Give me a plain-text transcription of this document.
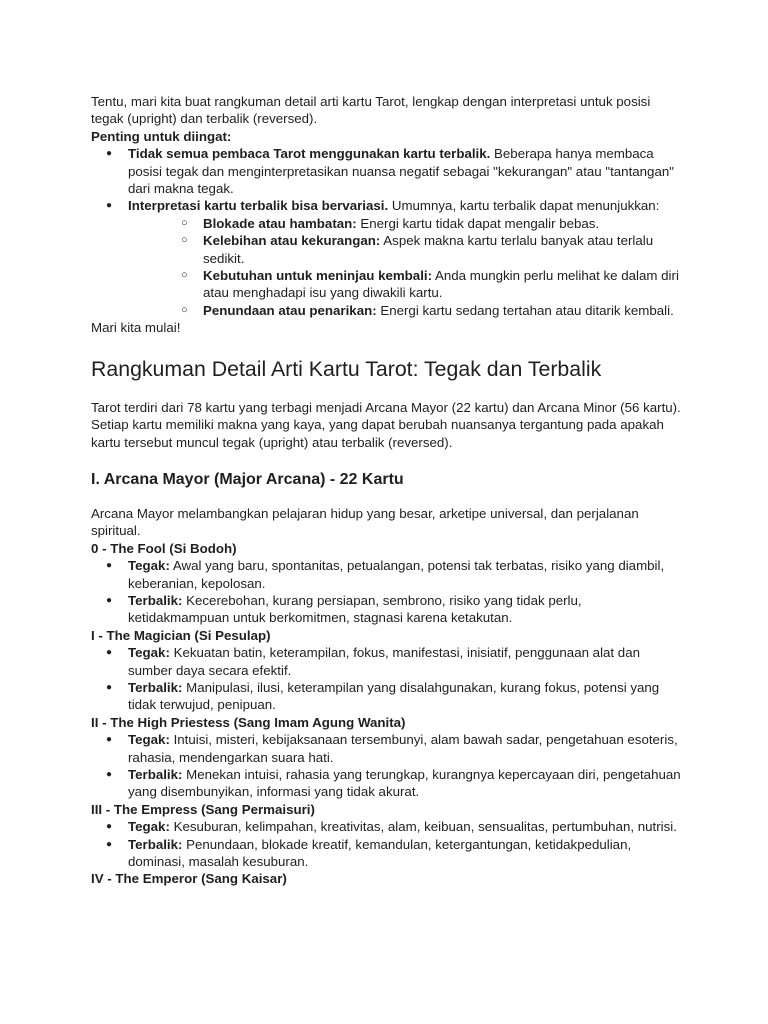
Tentu, mari kita buat rangkuman detail arti kartu Tarot, lengkap dengan interpretasi untuk posisi tegak (upright) dan terbalik (reversed).

Penting untuk diingat:

● Tidak semua pembaca Tarot menggunakan kartu terbalik. Beberapa hanya membaca posisi tegak dan menginterpretasikan nuansa negatif sebagai "kekurangan" atau "tantangan" dari makna tegak.
● Interpretasi kartu terbalik bisa bervariasi. Umumnya, kartu terbalik dapat menunjukkan:
○ Blokade atau hambatan: Energi kartu tidak dapat mengalir bebas.
○ Kelebihan atau kekurangan: Aspek makna kartu terlalu banyak atau terlalu sedikit.
○ Kebutuhan untuk meninjau kembali: Anda mungkin perlu melihat ke dalam diri atau menghadapi isu yang diwakili kartu.
○ Penundaan atau penarikan: Energi kartu sedang tertahan atau ditarik kembali.

Mari kita mulai!

Rangkuman Detail Arti Kartu Tarot: Tegak dan Terbalik

Tarot terdiri dari 78 kartu yang terbagi menjadi Arcana Mayor (22 kartu) dan Arcana Minor (56 kartu). Setiap kartu memiliki makna yang kaya, yang dapat berubah nuansanya tergantung pada apakah kartu tersebut muncul tegak (upright) atau terbalik (reversed).

I. Arcana Mayor (Major Arcana) - 22 Kartu

Arcana Mayor melambangkan pelajaran hidup yang besar, arketipe universal, dan perjalanan spiritual.

0 - The Fool (Si Bodoh)

● Tegak: Awal yang baru, spontanitas, petualangan, potensi tak terbatas, risiko yang diambil, keberanian, kepolosan.
● Terbalik: Kecerebohan, kurang persiapan, sembrono, risiko yang tidak perlu, ketidakmampuan untuk berkomitmen, stagnasi karena ketakutan.

I - The Magician (Si Pesulap)

● Tegak: Kekuatan batin, keterampilan, fokus, manifestasi, inisiatif, penggunaan alat dan sumber daya secara efektif.
● Terbalik: Manipulasi, ilusi, keterampilan yang disalahgunakan, kurang fokus, potensi yang tidak terwujud, penipuan.

II - The High Priestess (Sang Imam Agung Wanita)

● Tegak: Intuisi, misteri, kebijaksanaan tersembunyi, alam bawah sadar, pengetahuan esoteris, rahasia, mendengarkan suara hati.
● Terbalik: Menekan intuisi, rahasia yang terungkap, kurangnya kepercayaan diri, pengetahuan yang disembunyikan, informasi yang tidak akurat.

III - The Empress (Sang Permaisuri)

● Tegak: Kesuburan, kelimpahan, kreativitas, alam, keibuan, sensualitas, pertumbuhan, nutrisi.
● Terbalik: Penundaan, blokade kreatif, kemandulan, ketergantungan, ketidakpedulian, dominasi, masalah kesuburan.

IV - The Emperor (Sang Kaisar)
